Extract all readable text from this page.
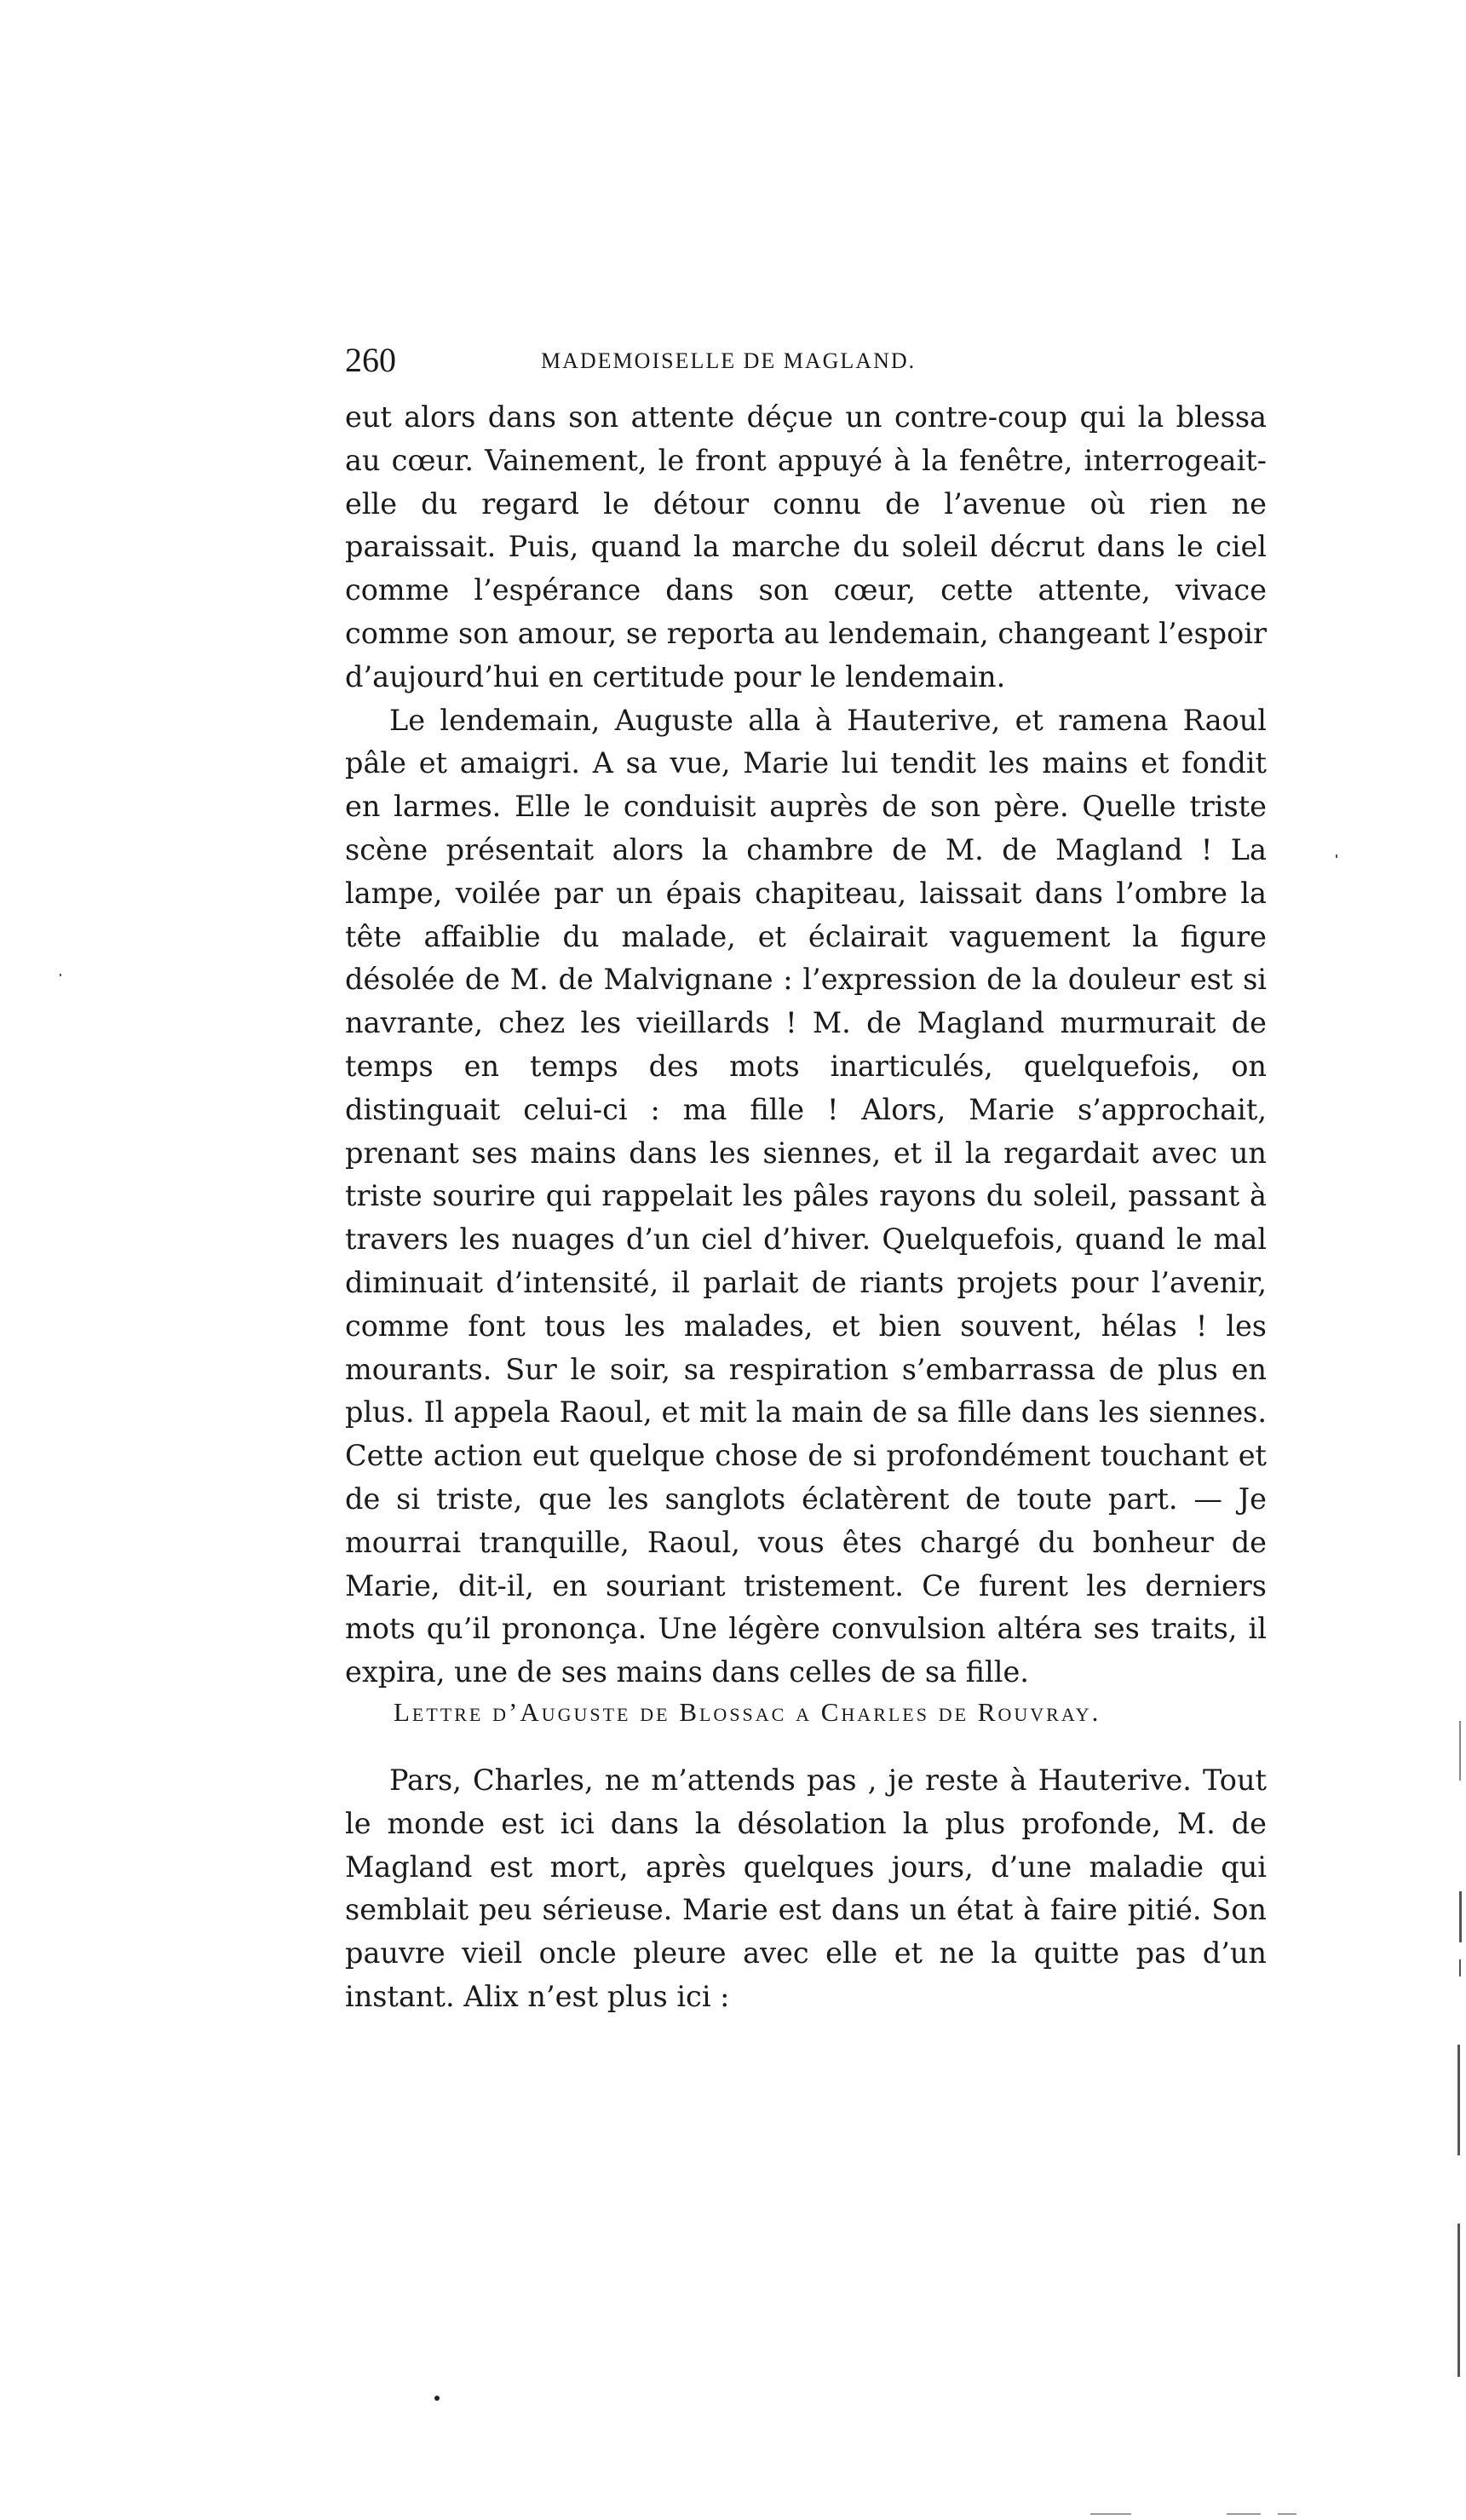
260	MADEMOISELLE DE MAGLAND.

eut alors dans son attente déçue un contre-coup qui la blessa au cœur. Vainement, le front appuyé à la fenêtre, interrogeait-elle du regard le détour connu de l’avenue où rien ne paraissait. Puis, quand la marche du soleil décrut dans le ciel comme l’espérance dans son cœur, cette attente, vivace comme son amour, se reporta au lendemain, changeant l’espoir d’aujourd’hui en certitude pour le lendemain.

Le lendemain, Auguste alla à Hauterive, et ramena Raoul pâle et amaigri. A sa vue, Marie lui tendit les mains et fondit en larmes. Elle le conduisit auprès de son père. Quelle triste scène présentait alors la chambre de M. de Magland ! La lampe, voilée par un épais chapiteau, laissait dans l’ombre la tête affaiblie du malade, et éclairait vaguement la figure désolée de M. de Malvignane : l’expression de la douleur est si navrante, chez les vieillards ! M. de Magland murmurait de temps en temps des mots inarticulés, quelquefois, on distinguait celui-ci : ma fille ! Alors, Marie s’approchait, prenant ses mains dans les siennes, et il la regardait avec un triste sourire qui rappelait les pâles rayons du soleil, passant à travers les nuages d’un ciel d’hiver. Quelquefois, quand le mal diminuait d’intensité, il parlait de riants projets pour l’avenir, comme font tous les malades, et bien souvent, hélas ! les mourants. Sur le soir, sa respiration s’embarrassa de plus en plus. Il appela Raoul, et mit la main de sa fille dans les siennes. Cette action eut quelque chose de si profondément touchant et de si triste, que les sanglots éclatèrent de toute part. — Je mourrai tranquille, Raoul, vous êtes chargé du bonheur de Marie, dit-il, en souriant tristement. Ce furent les derniers mots qu’il prononça. Une légère convulsion altéra ses traits, il expira, une de ses mains dans celles de sa fille.

Lettre d’Auguste de Blossac a Charles de Rouvray.

Pars, Charles, ne m’attends pas , je reste à Hauterive. Tout le monde est ici dans la désolation la plus profonde, M. de Magland est mort, après quelques jours, d’une maladie qui semblait peu sérieuse. Marie est dans un état à faire pitié. Son pauvre vieil oncle pleure avec elle et ne la quitte pas d’un instant. Alix n’est plus ici :
